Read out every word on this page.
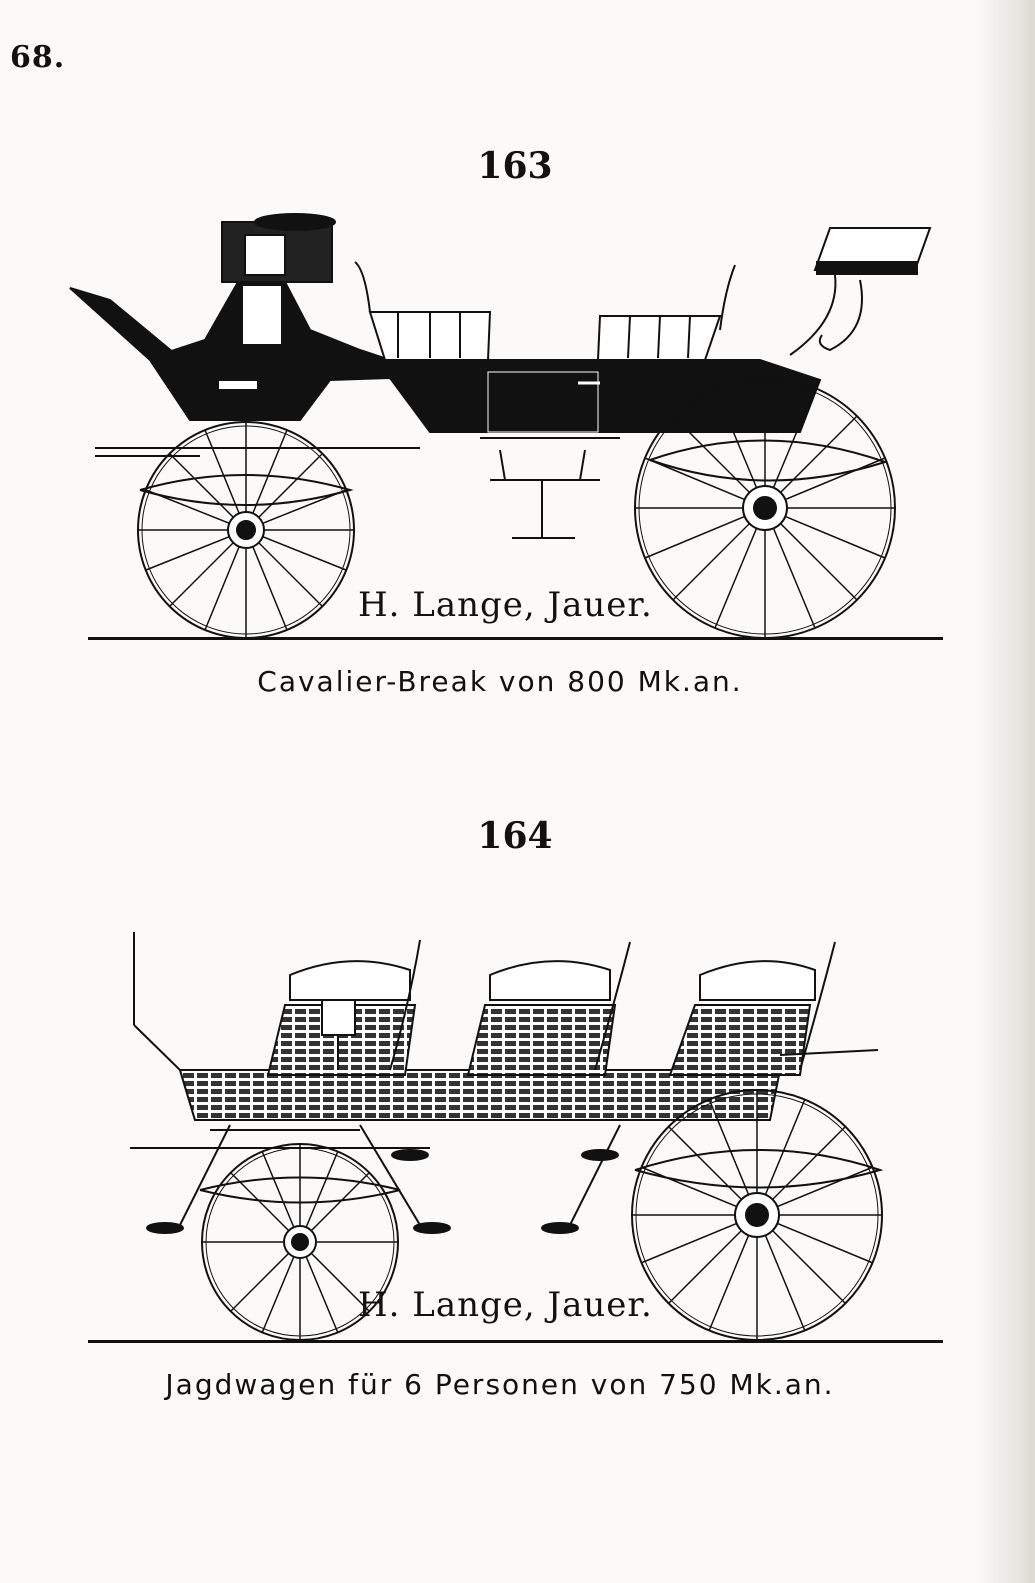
68.
163
H. Lange, Jauer.
Cavalier-Break von 800 Mk.an.
164
H. Lange, Jauer.
Jagdwagen für 6 Personen von 750 Mk.an.
